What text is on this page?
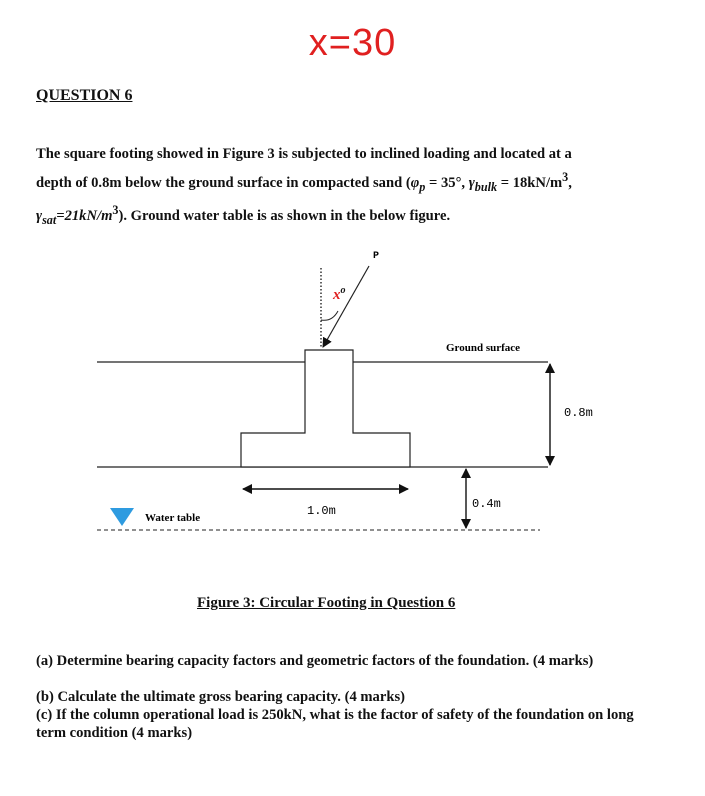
x=30
QUESTION 6
The square footing showed in Figure 3 is subjected to inclined loading and located at a
depth of 0.8m below the ground surface in compacted sand ($\varphi_p = 35^\circ$, $\gamma_{bulk} = 18kN/m^3$,
$\gamma_{sat}=21kN/m^3$). Ground water table is as shown in the below figure.
P
$x^o$
Ground surface
0.8m
1.0m	0.4m
Water table
Figure 3: Circular Footing in Question 6
(a) Determine bearing capacity factors and geometric factors of the foundation. (4 marks)
(b) Calculate the ultimate gross bearing capacity. (4 marks)
(c) If the column operational load is 250kN, what is the factor of safety of the foundation on long term condition (4 marks)
